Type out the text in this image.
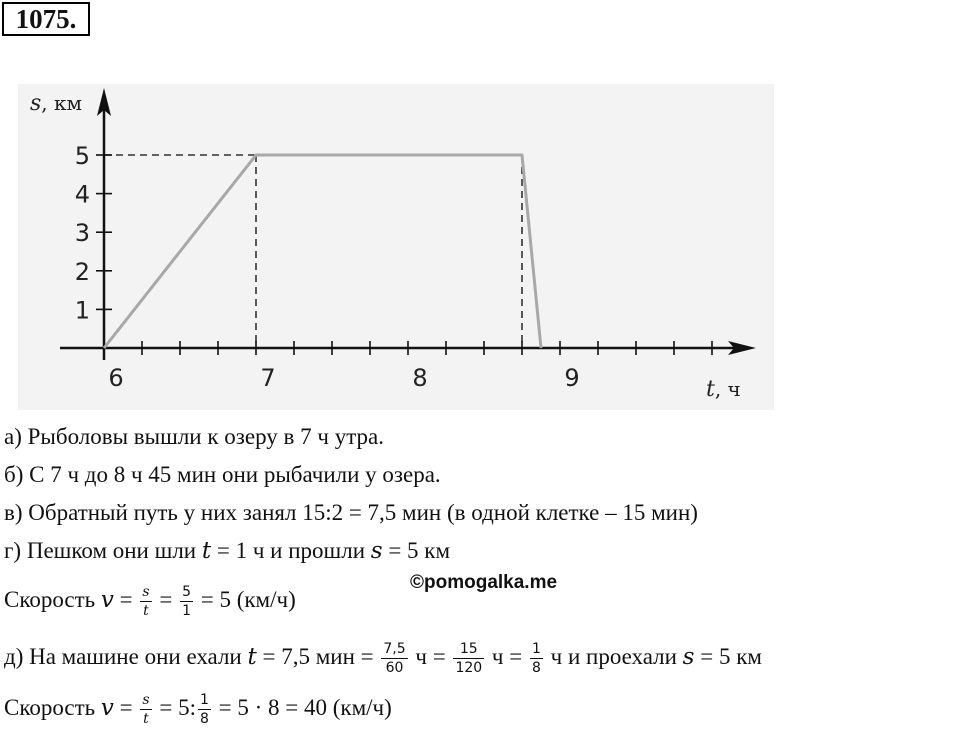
1075.
6	7	8	9
1
2
3
4
5
s, км
t, ч
а) Рыболовы вышли к озеру в 7 ч утра.
б) С 7 ч до 8 ч 45 мин они рыбачили у озера.
в) Обратный путь у них занял 15:2 = 7,5 мин (в одной клетке – 15 мин)
г) Пешком они шли t = 1 ч и прошли s = 5 км
Скорость $v = \frac{s}{t} = \frac{5}{1} = 5$ (км/ч)
©pomogalka.me
д) На машине они ехали t = 7,5 мин = $\frac{7,5}{60}$ $ч = \frac{15}{120}$ $ч = \frac{1}{8}$ ч и проехали s = 5 км
Скорость $v = \frac{s}{t} = 5$: $\frac{1}{8} = 5 \cdot 8 = 40$ (км/ч)
